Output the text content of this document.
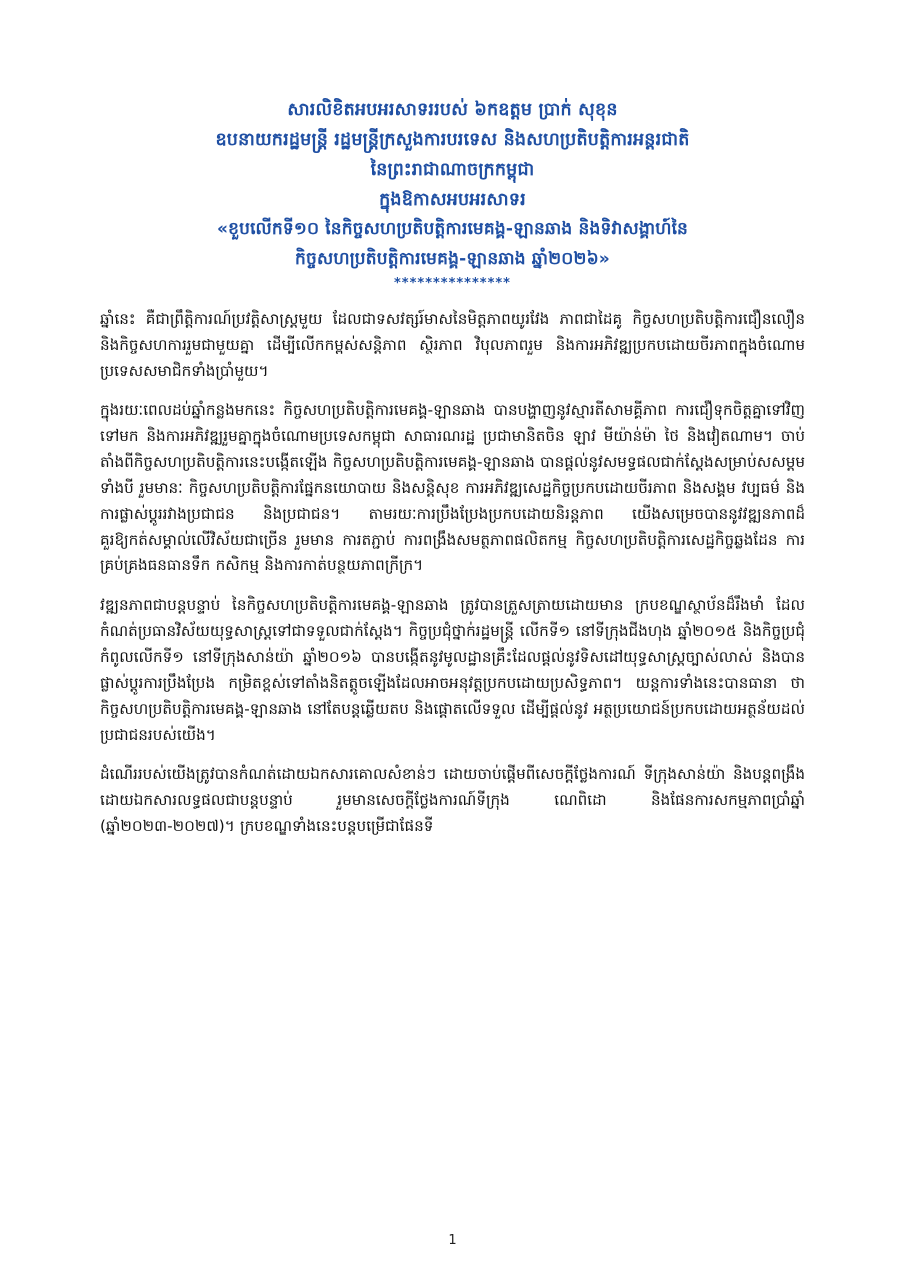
សារលិខិតអបអរសាទររបស់ ៦កឧត្តម ប្រាក់ សុខុន
ឧបនាយករដ្ឋមន្ត្រី រដ្ឋមន្ត្រីក្រសួងការបរទេស និងសហប្រតិបត្តិការអន្តរជាតិ
នៃព្រះរាជាណាចក្រកម្ពុជា
ក្នុងឱកាសអបអរសាទរ
«ខួបលើកទី១០ នៃកិច្ចសហប្រតិបត្តិការមេគង្គ-ឡានឆាង និងទិវាសង្គាហ៍នៃ
កិច្ចសហប្រតិបត្តិការមេគង្គ-ឡានឆាង ឆ្នាំ២០២៦»
***************

ឆ្នាំនេះ គឺជាព្រឹត្តិការណ៍ប្រវត្តិសាស្ត្រមួយ ដែលជាទសវត្សរ៍មាសនៃមិត្តភាពយូរវែង ភាពជាដៃគូ កិច្ចសហប្រតិបត្តិការជឿនលឿន និងកិច្ចសហការរួមជាមួយគ្នា ដើម្បីលើកកម្ពស់សន្តិភាព ស្ថិរភាព វិបុលភាពរួម និងការអភិវឌ្ឍប្រកបដោយចីរភាពក្នុងចំណោមប្រទេសសមាជិកទាំងប្រាំមួយ។

ក្នុងរយៈពេលដប់ឆ្នាំកន្លងមកនេះ កិច្ចសហប្រតិបត្តិការមេគង្គ-ឡានឆាង បានបង្ហាញនូវស្មារតីសាមគ្គីភាព ការជឿទុកចិត្តគ្នាទៅវិញទៅមក និងការអភិវឌ្ឍរួមគ្នាក្នុងចំណោមប្រទេសកម្ពុជា សាធារណរដ្ឋ ប្រជាមានិតចិន ឡាវ មីយ៉ាន់ម៉ា ថៃ និងវៀតណាម។ ចាប់តាំងពីកិច្ចសហប្រតិបត្តិការនេះបង្កើតឡើង កិច្ចសហប្រតិបត្តិការមេគង្គ-ឡានឆាង បានផ្តល់នូវសមទ្ធផលជាក់ស្តែងសម្រាប់សសម្តមទាំងបី រួមមានៈ កិច្ចសហប្រតិបត្តិការផ្នែកនយោបាយ និងសន្តិសុខ ការអភិវឌ្ឍសេដ្ឋកិច្ចប្រកបដោយចីរភាព និងសង្គម វប្បធម៌ និងការផ្លាស់ប្តូររវាងប្រជាជន និងប្រជាជន។ តាមរយៈការប្រឹងប្រែងប្រកបដោយនិរន្តភាព យើងសម្រេចបាននូវវឌ្ឍនភាពដ៏គួរឱ្យកត់សម្គាល់លើវិស័យជាច្រើន រួមមាន ការតភ្ជាប់ ការពង្រឹងសមត្ថភាពផលិតកម្ម កិច្ចសហប្រតិបត្តិការសេដ្ឋកិច្ចឆ្លងដែន ការគ្រប់គ្រងធនធានទឹក កសិកម្ម និងការកាត់បន្ថយភាពក្រីក្រ។

វឌ្ឍនភាពជាបន្តបន្ទាប់ នៃកិច្ចសហប្រតិបត្តិការមេគង្គ-ឡានឆាង ត្រូវបានត្រួសត្រាយដោយមាន ក្របខណ្ឌស្ថាប័នដ៏រឹងមាំ ដែលកំណត់ប្រធានវិស័យយុទ្ធសាស្ត្រទៅជាទទួលជាក់ស្តែង។ កិច្ចប្រជុំថ្នាក់រដ្ឋមន្ត្រី លើកទី១ នៅទីក្រុងជីងហុង ឆ្នាំ២០១៥ និងកិច្ចប្រជុំកំពូលលើកទី១ នៅទីក្រុងសាន់យ៉ា ឆ្នាំ២០១៦ បានបង្កើតនូវមូលដ្ឋានគ្រឹះដែលផ្តល់នូវទិសដៅយុទ្ធសាស្ត្រច្បាស់លាស់ និងបានផ្លាស់ប្តូរការប្រឹងប្រែង កម្រិតខ្ពស់ទៅតាំងនិតត្តូចឡើងដែលអាចអនុវត្តប្រកបដោយប្រសិទ្ធភាព។ យន្តការទាំងនេះបានធានា ថា កិច្ចសហប្រតិបត្តិការមេគង្គ-ឡានឆាង នៅតែបន្តឆ្លើយតប និងផ្តោតលើទទួល ដើម្បីផ្តល់នូវ អត្ថប្រយោជន៍ប្រកបដោយអត្ថន័យដល់ប្រជាជនរបស់យើង។

ដំណើររបស់យើងត្រូវបានកំណត់ដោយឯកសារគោលសំខាន់ៗ ដោយចាប់ផ្តើមពីសេចក្តីថ្លែងការណ៍ ទីក្រុងសាន់យ៉ា និងបន្តពង្រឹងដោយឯកសារលទ្ធផលជាបន្តបន្ទាប់ រួមមានសេចក្តីថ្លែងការណ៍ទីក្រុង ណេពិដោ និងផែនការសកម្មភាពប្រាំឆ្នាំ (ឆ្នាំ២០២៣-២០២៧)។ ក្របខណ្ឌទាំងនេះបន្តបម្រើជាផែនទី

1
